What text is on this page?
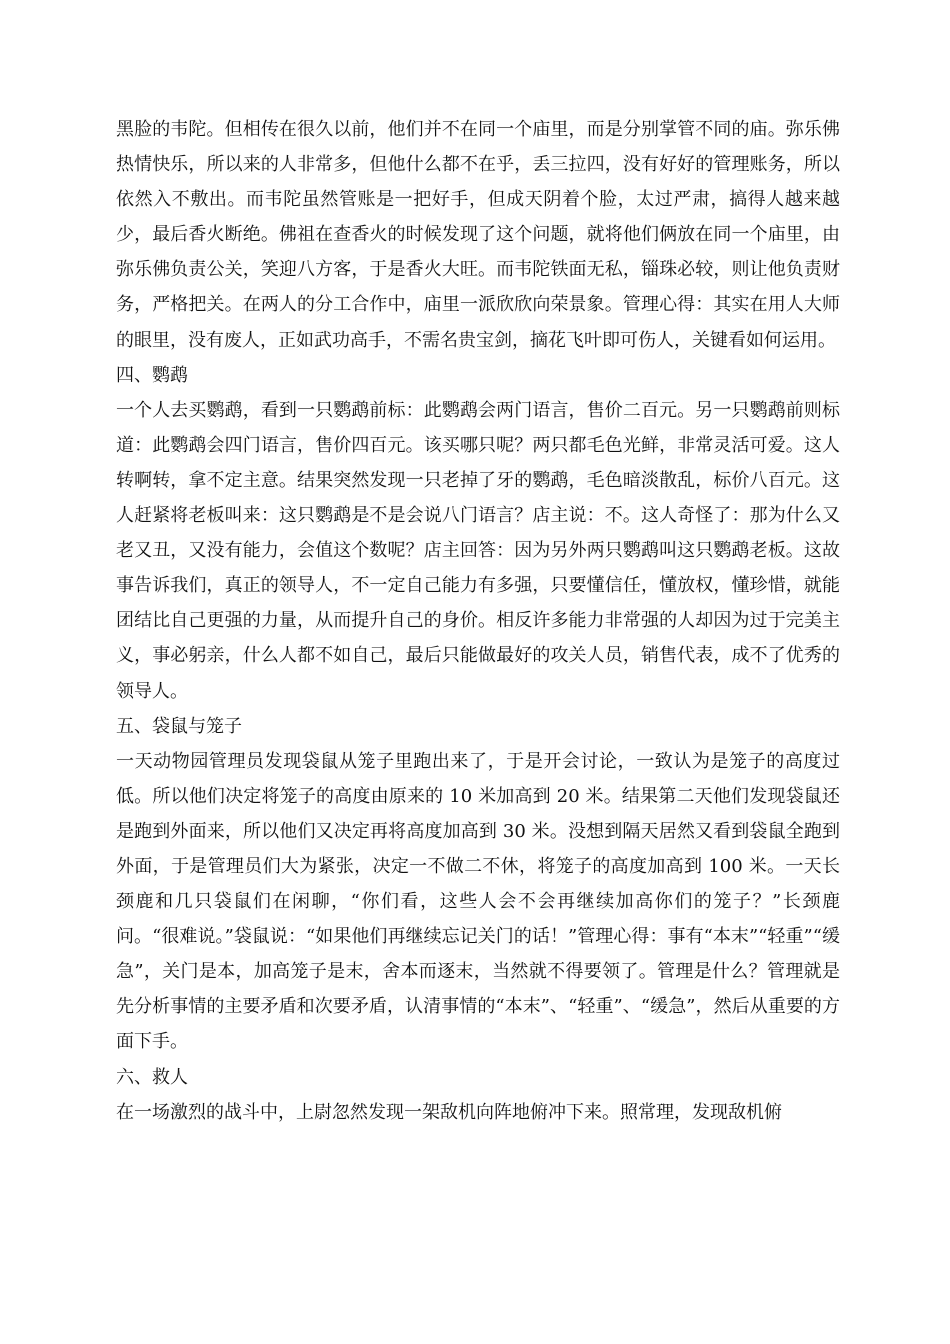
黑脸的韦陀。但相传在很久以前，他们并不在同一个庙里，而是分别掌管不同的庙。弥乐佛热情快乐，所以来的人非常多，但他什么都不在乎，丢三拉四，没有好好的管理账务，所以依然入不敷出。而韦陀虽然管账是一把好手，但成天阴着个脸，太过严肃，搞得人越来越少，最后香火断绝。佛祖在查香火的时候发现了这个问题，就将他们俩放在同一个庙里，由弥乐佛负责公关，笑迎八方客，于是香火大旺。而韦陀铁面无私，锱珠必较，则让他负责财务，严格把关。在两人的分工合作中，庙里一派欣欣向荣景象。管理心得：其实在用人大师的眼里，没有废人，正如武功高手，不需名贵宝剑，摘花飞叶即可伤人，关键看如何运用。

四、鹦鹉

一个人去买鹦鹉，看到一只鹦鹉前标：此鹦鹉会两门语言，售价二百元。另一只鹦鹉前则标道：此鹦鹉会四门语言，售价四百元。该买哪只呢？两只都毛色光鲜，非常灵活可爱。这人转啊转，拿不定主意。结果突然发现一只老掉了牙的鹦鹉，毛色暗淡散乱，标价八百元。这人赶紧将老板叫来：这只鹦鹉是不是会说八门语言？店主说：不。这人奇怪了：那为什么又老又丑，又没有能力，会值这个数呢？店主回答：因为另外两只鹦鹉叫这只鹦鹉老板。这故事告诉我们，真正的领导人，不一定自己能力有多强，只要懂信任，懂放权，懂珍惜，就能团结比自己更强的力量，从而提升自己的身价。相反许多能力非常强的人却因为过于完美主义，事必躬亲，什么人都不如自己，最后只能做最好的攻关人员，销售代表，成不了优秀的领导人。

五、袋鼠与笼子

一天动物园管理员发现袋鼠从笼子里跑出来了，于是开会讨论，一致认为是笼子的高度过低。所以他们决定将笼子的高度由原来的 10 米加高到 20 米。结果第二天他们发现袋鼠还是跑到外面来，所以他们又决定再将高度加高到 30 米。没想到隔天居然又看到袋鼠全跑到外面，于是管理员们大为紧张，决定一不做二不休，将笼子的高度加高到 100 米。一天长颈鹿和几只袋鼠们在闲聊，“你们看，这些人会不会再继续加高你们的笼子？”长颈鹿问。“很难说。”袋鼠说：“如果他们再继续忘记关门的话！”管理心得：事有“本末”“轻重”“缓急”，关门是本，加高笼子是末，舍本而逐末，当然就不得要领了。管理是什么？管理就是先分析事情的主要矛盾和次要矛盾，认清事情的“本末”、“轻重”、“缓急”，然后从重要的方面下手。

六、救人

在一场激烈的战斗中，上尉忽然发现一架敌机向阵地俯冲下来。照常理，发现敌机俯
